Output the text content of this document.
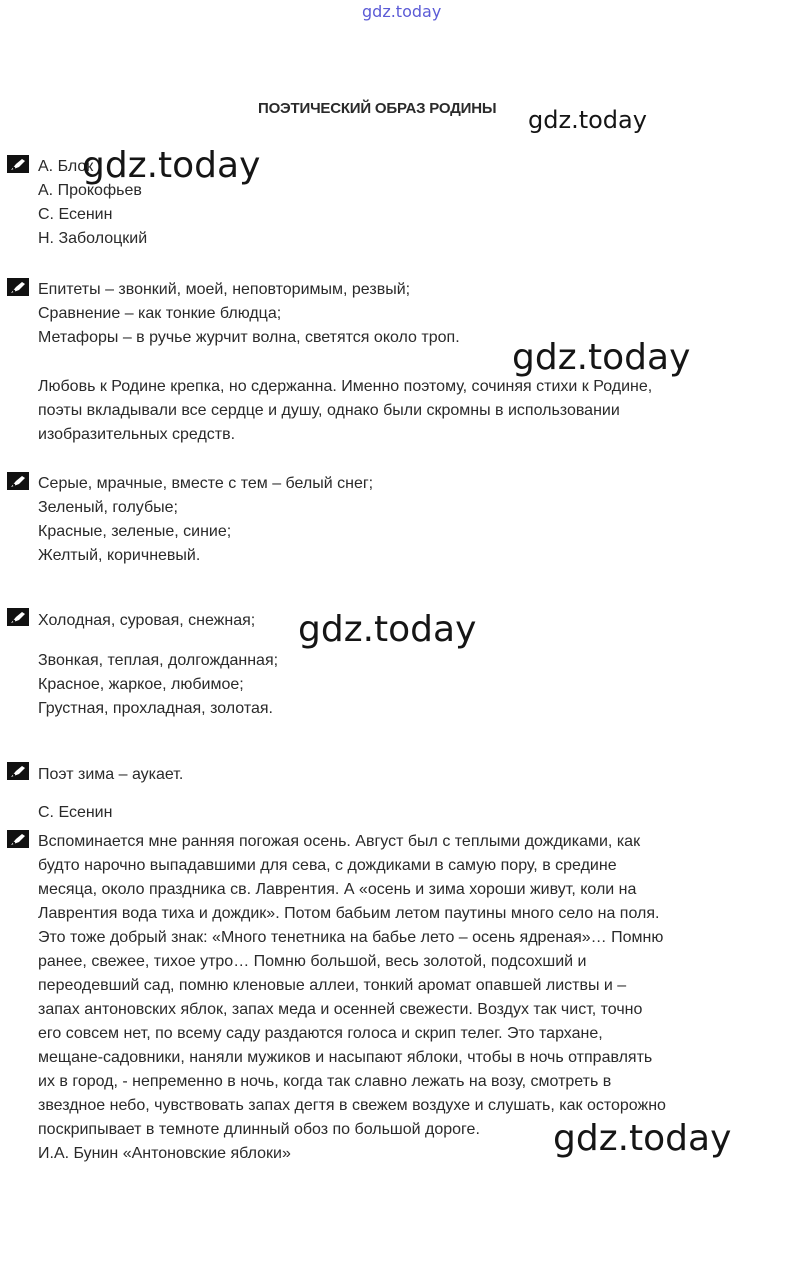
gdz.today
ПОЭТИЧЕСКИЙ ОБРАЗ РОДИНЫ gdz.today
А. Блок
А. Прокофьев
С. Есенин
Н. Заболоцкий
Епитеты – звонкий, моей, неповторимым, резвый;
Сравнение – как тонкие блюдца;
Метафоры – в ручье журчит волна, светятся около троп.
Любовь к Родине крепка, но сдержанна. Именно поэтому, сочиняя стихи к Родине,
поэты вкладывали все сердце и душу, однако были скромны в использовании
изобразительных средств.
Серые, мрачные, вместе с тем – белый снег;
Зеленый, голубые;
Красные, зеленые, синие;
Желтый, коричневый.
Холодная, суровая, снежная;
Звонкая, теплая, долгожданная;
Красное, жаркое, любимое;
Грустная, прохладная, золотая.
Поэт зима – аукает.
С. Есенин
Вспоминается мне ранняя погожая осень. Август был с теплыми дождиками, как
будто нарочно выпадавшими для сева, с дождиками в самую пору, в средине
месяца, около праздника св. Лаврентия. А «осень и зима хороши живут, коли на
Лаврентия вода тиха и дождик». Потом бабьим летом паутины много село на поля.
Это тоже добрый знак: «Много тенетника на бабье лето – осень ядреная»… Помню
ранее, свежее, тихое утро… Помню большой, весь золотой, подсохший и
переодевший сад, помню кленовые аллеи, тонкий аромат опавшей листвы и –
запах антоновских яблок, запах меда и осенней свежести. Воздух так чист, точно
его совсем нет, по всему саду раздаются голоса и скрип телег. Это тархане,
мещане-садовники, наняли мужиков и насыпают яблоки, чтобы в ночь отправлять
их в город, - непременно в ночь, когда так славно лежать на возу, смотреть в
звездное небо, чувствовать запах дегтя в свежем воздухе и слушать, как осторожно
поскрипывает в темноте длинный обоз по большой дороге.
И.А. Бунин «Антоновские яблоки»
gdz.today
gdz.today
gdz.today
gdz.today
